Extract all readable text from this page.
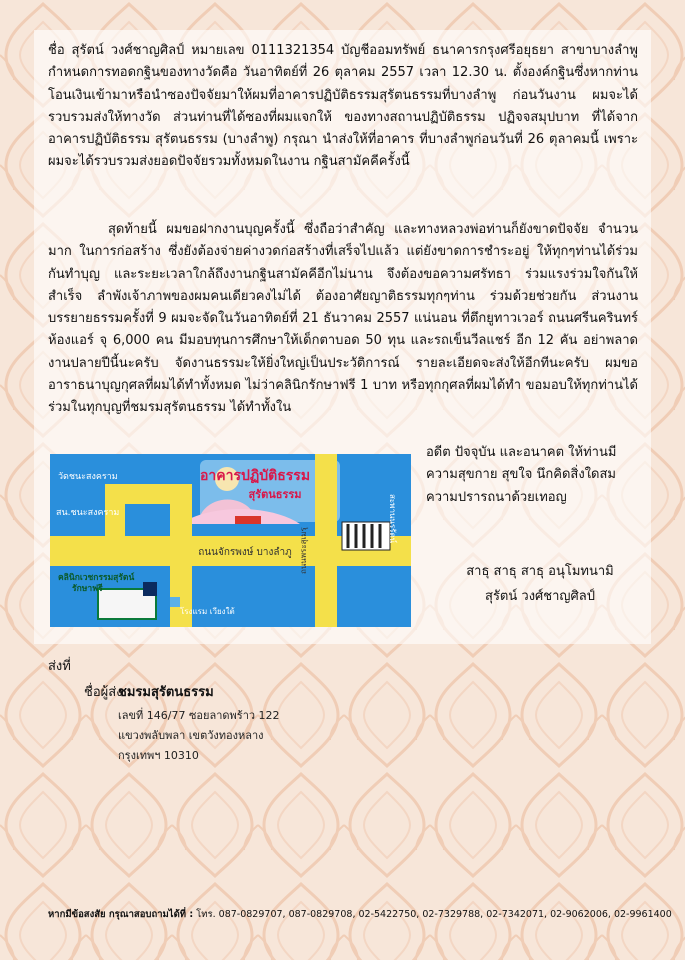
ชื่อ สุรัตน์ วงศ์ชาญศิลป์ หมายเลข 0111321354 บัญชีออมทรัพย์ ธนาคารกรุงศรีอยุธยา สาขาบางลำพู กำหนดการทอดกฐินของทางวัดคือ วันอาทิตย์ที่ 26 ตุลาคม 2557 เวลา 12.30 น. ตั้งองค์กฐินซึ่งหากท่านโอนเงินเข้ามาหรือนำซองปัจจัยมาให้ผมที่อาคารปฏิบัติธรรมสุรัตนธรรมที่บางลำพู ก่อนวันงาน ผมจะได้รวบรวมส่งให้ทางวัด ส่วนท่านที่ได้ซองที่ผมแจกให้ ของทางสถานปฏิบัติธรรม ปฏิจจสมุปบาท ที่ได้จากอาคารปฏิบัติธรรม สุรัตนธรรม (บางลำพู) กรุณา นำส่งให้ที่อาคาร ที่บางลำพูก่อนวันที่ 26 ตุลาคมนี้ เพราะผมจะได้รวบรวมส่งยอดปัจจัยรวมทั้งหมดในงาน กฐินสามัคคีครั้งนี้

สุดท้ายนี้ ผมขอฝากงานบุญครั้งนี้ ซึ่งถือว่าสำคัญ และทางหลวงพ่อท่านก็ยังขาดปัจจัย จำนวนมาก ในการก่อสร้าง ซึ่งยังต้องจ่ายค่างวดก่อสร้างที่เสร็จไปแล้ว แต่ยังขาดการชำระอยู่ ให้ทุกๆท่านได้ร่วมกันทำบุญ และระยะเวลาใกล้ถึงงานกฐินสามัคคีอีกไม่นาน จึงต้องขอความศรัทธา ร่วมแรงร่วมใจกันให้สำเร็จ ลำพังเจ้าภาพของผมคนเดียวคงไม่ได้ ต้องอาศัยญาติธรรมทุกๆท่าน ร่วมด้วยช่วยกัน ส่วนงานบรรยายธรรมครั้งที่ 9 ผมจะจัดในวันอาทิตย์ที่ 21 ธันวาคม 2557 แน่นอน ที่ตึกยูทาวเวอร์ ถนนศรีนครินทร์ ห้องแอร์ จุ 6,000 คน มีมอบทุนการศึกษาให้เด็กตาบอด 50 ทุน และรถเข็นวีลแชร์ อีก 12 คัน อย่าพลาดงานปลายปีนี้นะครับ จัดงานธรรมะให้ยิ่งใหญ่เป็นประวัติการณ์ รายละเอียดจะส่งให้อีกทีนะครับ ผมขออาราธนาบุญกุศลที่ผมได้ทำทั้งหมด ไม่ว่าคลินิกรักษาฟรี 1 บาท หรือทุกกุศลที่ผมได้ทำ ขอมอบให้ทุกท่านได้ร่วมในทุกบุญที่ชมรมสุรัตนธรรม ได้ทำทั้งใน

อดีต ปัจจุบัน และอนาคต ให้ท่านมี ความสุขกาย สุขใจ นึกคิดสิ่งใดสม ความปรารถนาด้วยเทอญ

สาธุ สาธุ สาธุ อนุโมทนามิ
สุรัตน์ วงศ์ชาญศิลป์
อาคารปฏิบัติธรรม
สุรัตนธรรม
ถนนจักรพงษ์ บางลำภู
วัดชนะสงคราม
สน.ชนะสงคราม
คลินิกเวชกรรมสุรัตน์
รักษาฟรี
โรงแรม เวียงใต้
ถนนพระสุเมรุ
สะพานนรรัตน์
ส่งที่
ชื่อผู้ส่ง
ชมรมสุรัตนธรรม
เลขที่ 146/77 ซอยลาดพร้าว 122
แขวงพลับพลา เขตวังทองหลาง
กรุงเทพฯ 10310
หากมีข้อสงสัย กรุณาสอบถามได้ที่ : โทร. 087-0829707, 087-0829708, 02-5422750, 02-7329788, 02-7342071, 02-9062006, 02-9961400
